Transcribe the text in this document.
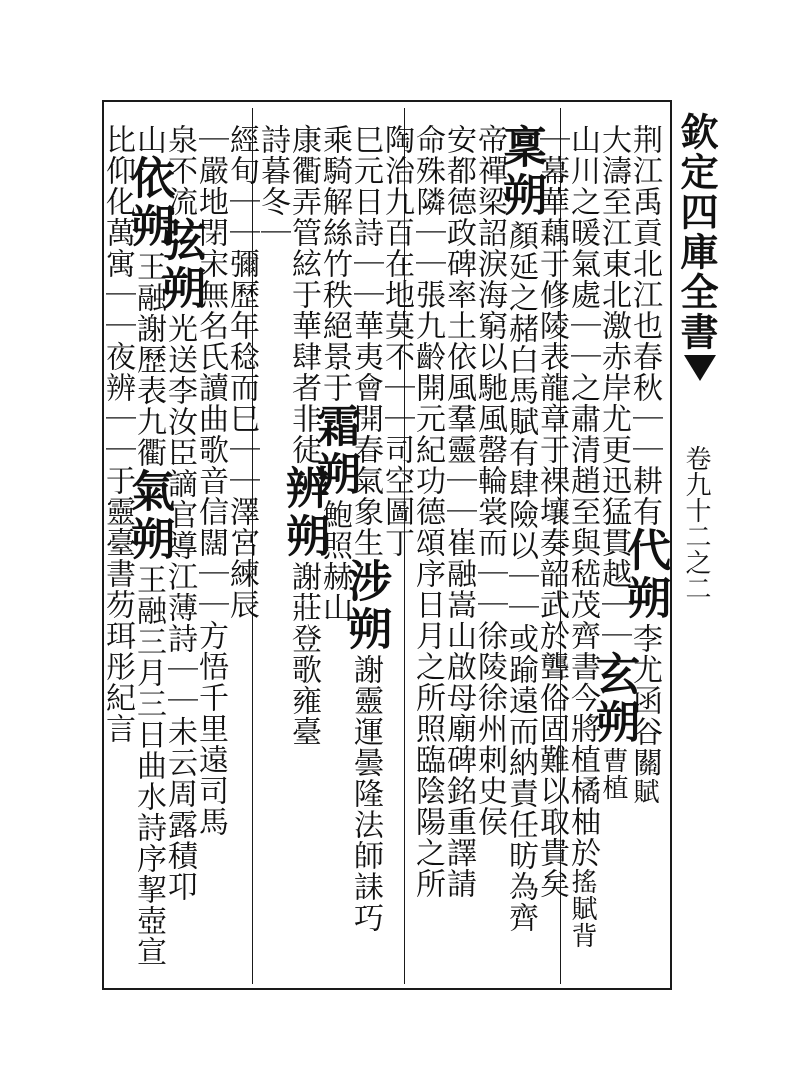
欽定四庫全書
卷九十二之二
荆江禹貢北江也春秋｜｜耕有代朔李尤函谷關賦
大濤至江東北激赤岸尤更迅猛貫越｜｜玄朔曹植
山川之暖氣處｜｜之肅清趙至與嵇茂齊書今將植橘柚於搖賦背
｜幕華藕于修陵表龍章于裸壤奏韶武於聾俗固難以取貴矣
稟朔顏延之赭白馬賦有肆險以｜｜或踰遠而納責任昉為齊
帝禪梁詔淚海窮以馳風罄輪裳而｜｜徐陵徐州刺史侯
安都德政碑率土依風羣靈｜｜崔融嵩山啟母廟碑銘重譯請
命殊隣｜｜張九齡開元紀功德頌序日月之所照臨陰陽之所
陶治九百在地莫不｜｜司空圖丁
巳元日詩｜｜華夷會開春氣象生涉朔謝靈運曇隆法師誄巧
乘騎解絲竹秩絕景于霜朔鮑照赫山
康衢弄管絃于華肆者非徒辨朔謝莊登歌雍臺
詩暮冬｜
經旬｜｜彌歷年稔而巳｜｜澤宮練辰
｜嚴地閉宋無名氏讀曲歌音信闊｜｜方悟千里遠司馬
泉不流弦朔光送李汝臣謫官導江薄詩｜｜未云周露積卭
山依朔王融謝歷表九衢氣朔王融三月三日曲水詩序挈壺宣
比仰化萬寓｜｜夜辨｜｜于靈臺書芴珥彤紀言
